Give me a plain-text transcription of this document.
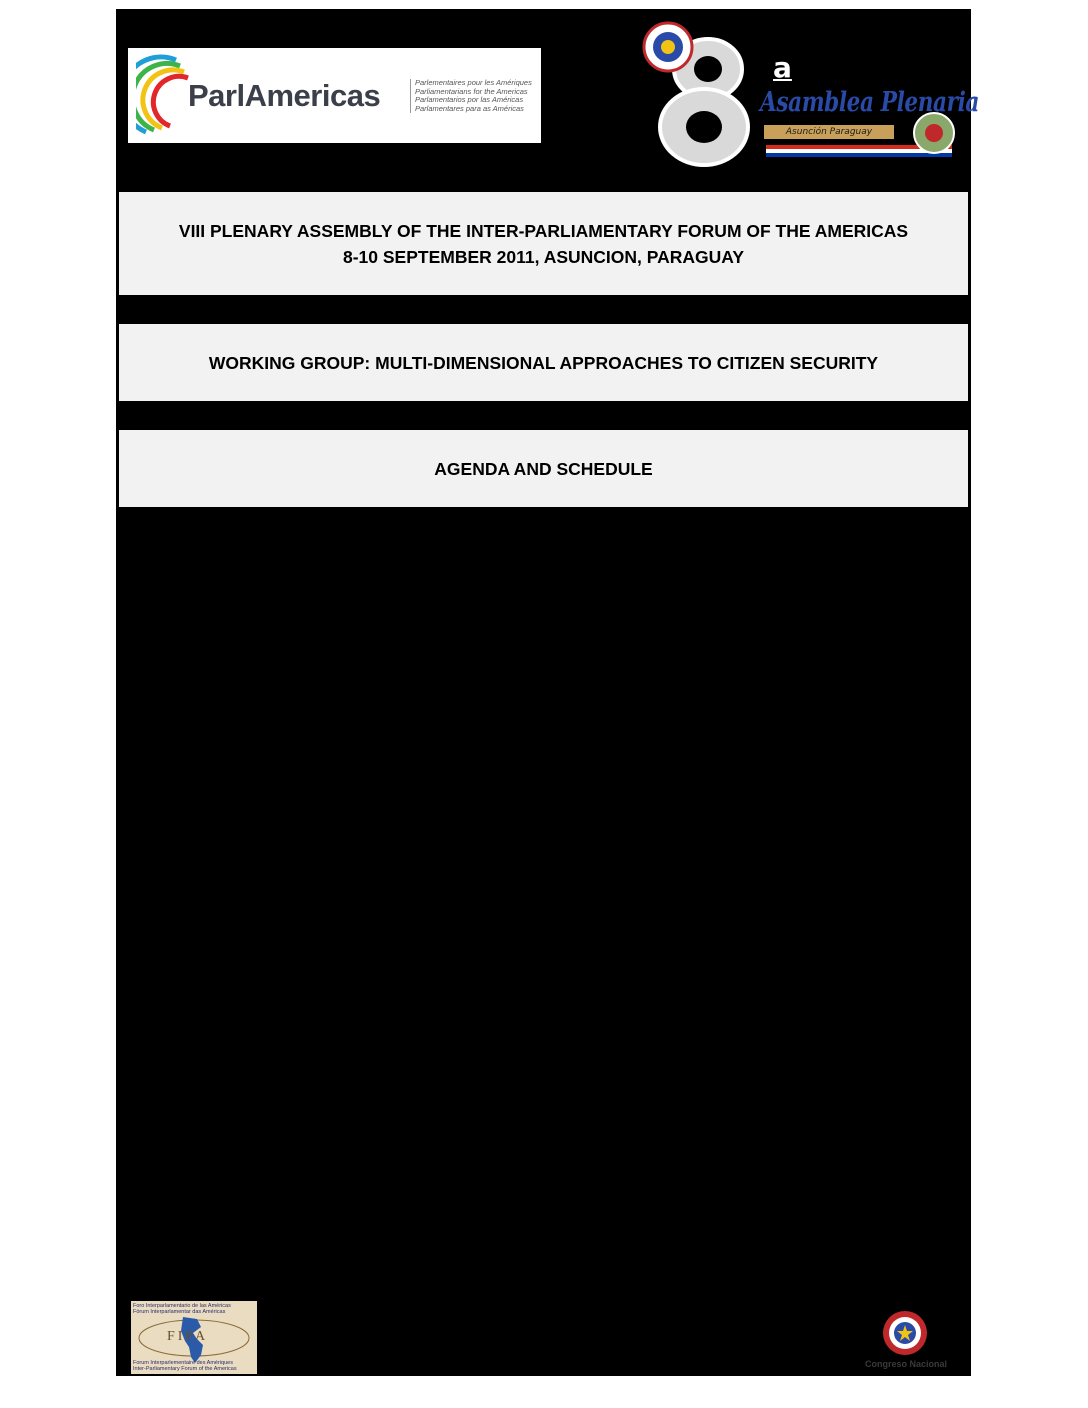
ParlAmericas	Parlementaires pour les Amériques
Parliamentarians for the Americas
Parlamentarios por las Américas
Parlamentares para as Américas
a
Asamblea Plenaria
Asunción Paraguay
VIII PLENARY ASSEMBLY OF THE INTER-PARLIAMENTARY FORUM OF THE AMERICAS
8-10 SEPTEMBER 2011, ASUNCION, PARAGUAY
WORKING GROUP: MULTI-DIMENSIONAL APPROACHES TO CITIZEN SECURITY
AGENDA AND SCHEDULE
Foro Interparlamentario de las Américas
Fórum Interparlamentar das Américas
FIPA
Forum Interparlementaire des Amériques
Inter-Parliamentary Forum of the Americas	Congreso Nacional
